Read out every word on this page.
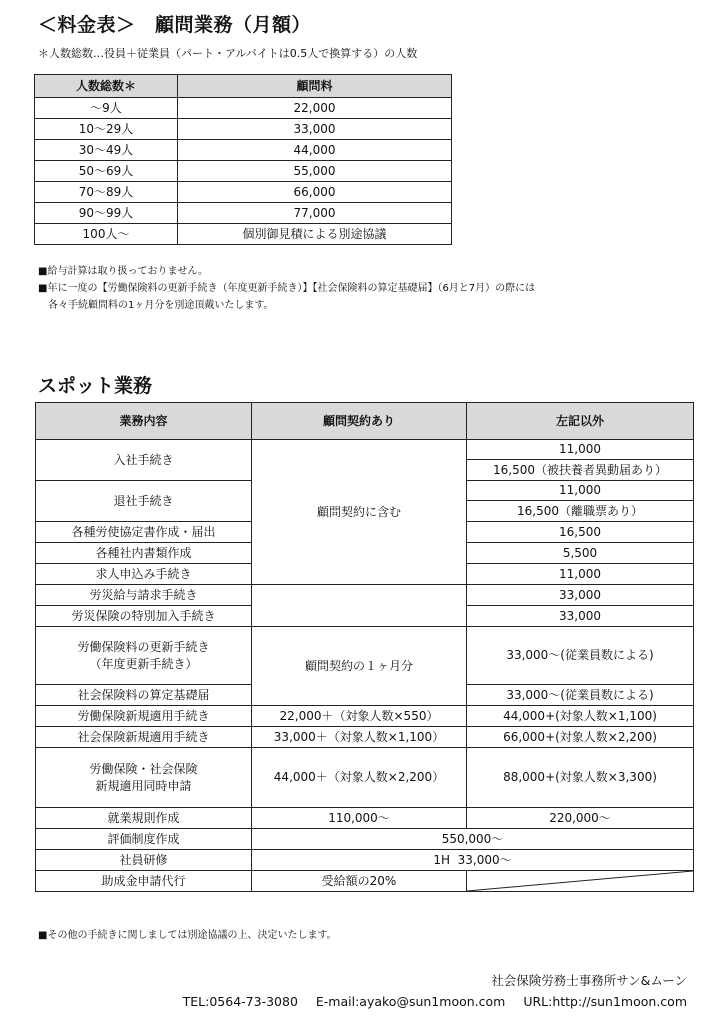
＜料金表＞　顧問業務（月額）
＊人数総数…役員＋従業員（パート・アルバイトは0.5人で換算する）の人数
人数総数＊	顧問料
～9人	22,000
10～29人	33,000
30～49人	44,000
50～69人	55,000
70～89人	66,000
90～99人	77,000
100人～	個別御見積による別途協議
■給与計算は取り扱っておりません。
■年に一度の【労働保険料の更新手続き（年度更新手続き）】【社会保険料の算定基礎届】（6月と7月）の際には
各々手続顧問料の1ヶ月分を別途頂戴いたします。
スポット業務
業務内容	顧問契約あり	左記以外
入社手続き	顧問契約に含む	11,000
		16,500（被扶養者異動届あり）
退社手続き		11,000
		16,500（離職票あり）
各種労使協定書作成・届出		16,500
各種社内書類作成		5,500
求人申込み手続き		11,000
労災給与請求手続き		33,000
労災保険の特別加入手続き		33,000

労働保険料の更新手続き
（年度更新手続き）	顧問契約の１ヶ月分	33,000～(従業員数による)
社会保険料の算定基礎届		33,000～(従業員数による)
労働保険新規適用手続き	22,000＋（対象人数×550）	44,000+(対象人数×1,100)
社会保険新規適用手続き	33,000＋（対象人数×1,100）	66,000+(対象人数×2,200)

労働保険・社会保険
新規適用同時申請	44,000＋（対象人数×2,200）	88,000+(対象人数×3,300)
就業規則作成	110,000～	220,000～
評価制度作成	550,000～	
社員研修	1H  33,000～	
助成金申請代行	受給額の20%	
■その他の手続きに関しましては別途協議の上、決定いたします。
社会保険労務士事務所サン&ムーン
TEL:0564-73-3080 E-mail:ayako@sun1moon.com URL:http://sun1moon.com
